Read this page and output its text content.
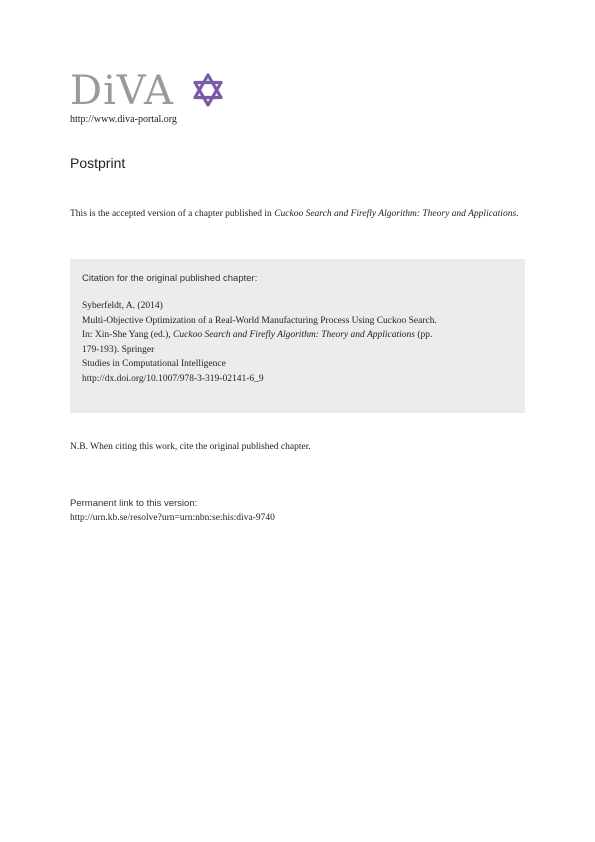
DiVA
http://www.diva-portal.org
Postprint
This is the accepted version of a chapter published in Cuckoo Search and Firefly Algorithm: Theory and Applications.
Citation for the original published chapter:
Syberfeldt, A. (2014)
Multi-Objective Optimization of a Real-World Manufacturing Process Using Cuckoo Search.
In: Xin-She Yang (ed.), Cuckoo Search and Firefly Algorithm: Theory and Applications (pp.
179-193). Springer
Studies in Computational Intelligence
http://dx.doi.org/10.1007/978-3-319-02141-6_9
N.B. When citing this work, cite the original published chapter.
Permanent link to this version:
http://urn.kb.se/resolve?urn=urn:nbn:se:his:diva-9740
